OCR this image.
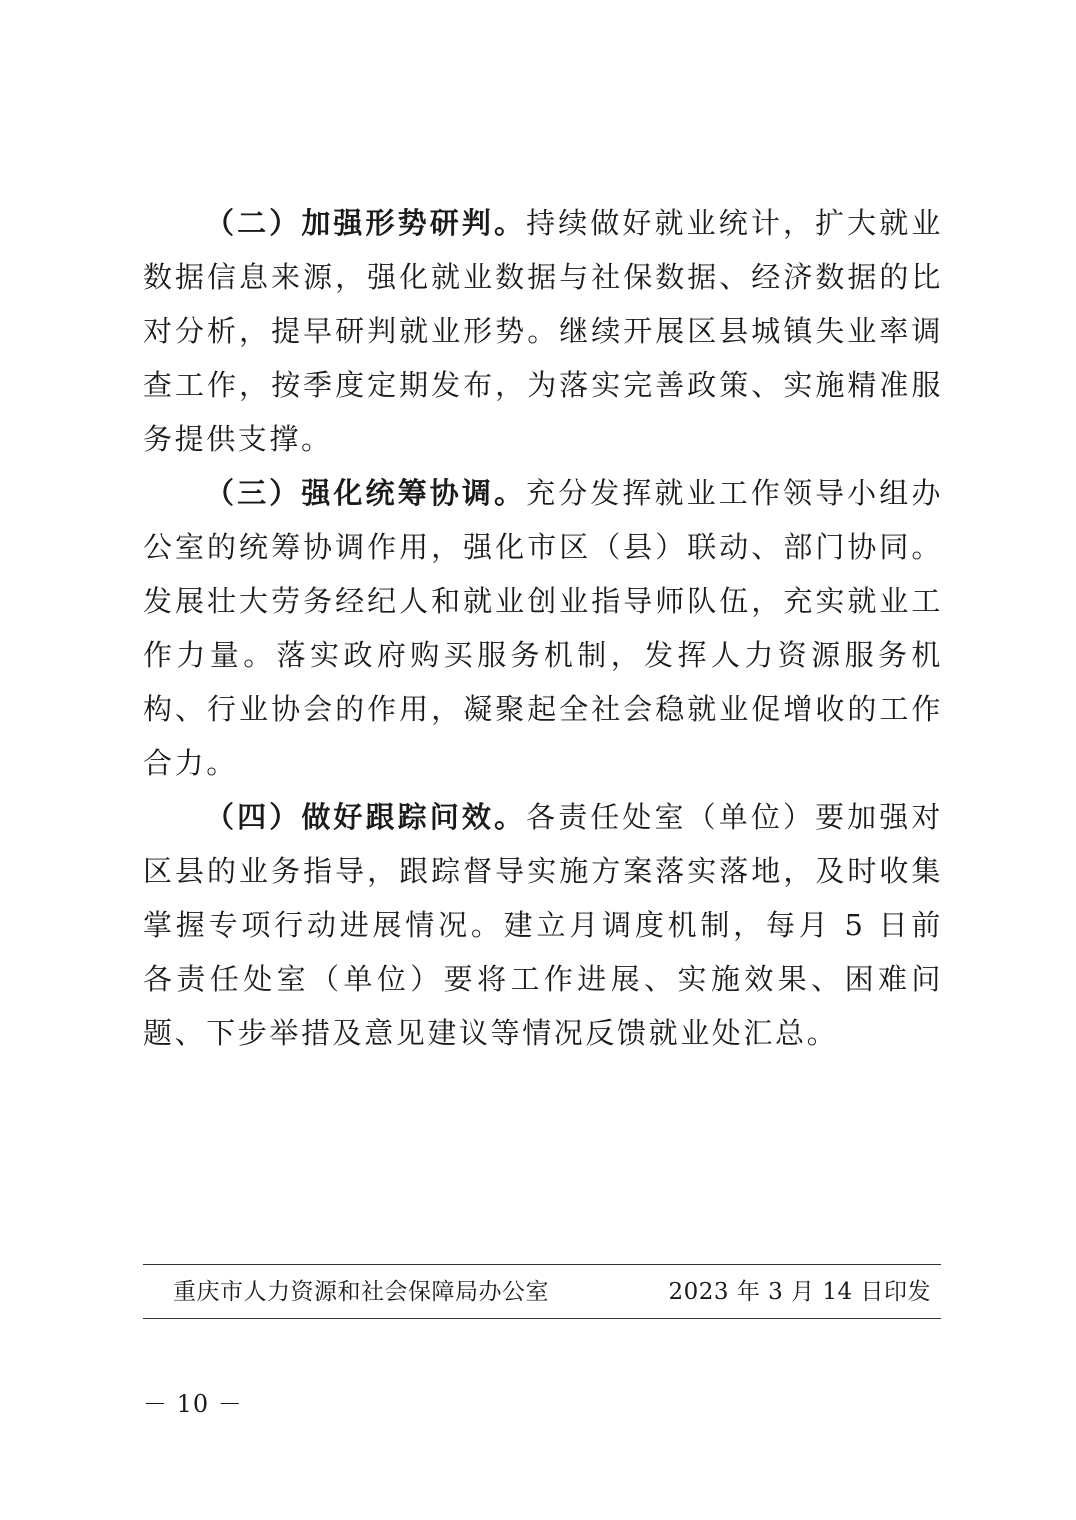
（二）加强形势研判。持续做好就业统计，扩大就业数据信息来源，强化就业数据与社保数据、经济数据的比对分析，提早研判就业形势。继续开展区县城镇失业率调查工作，按季度定期发布，为落实完善政策、实施精准服务提供支撑。

（三）强化统筹协调。充分发挥就业工作领导小组办公室的统筹协调作用，强化市区（县）联动、部门协同。发展壮大劳务经纪人和就业创业指导师队伍，充实就业工作力量。落实政府购买服务机制，发挥人力资源服务机构、行业协会的作用，凝聚起全社会稳就业促增收的工作合力。

（四）做好跟踪问效。各责任处室（单位）要加强对区县的业务指导，跟踪督导实施方案落实落地，及时收集掌握专项行动进展情况。建立月调度机制，每月 5 日前各责任处室（单位）要将工作进展、实施效果、困难问题、下步举措及意见建议等情况反馈就业处汇总。

重庆市人力资源和社会保障局办公室	2023 年 3 月 14 日印发
－ 10 －
